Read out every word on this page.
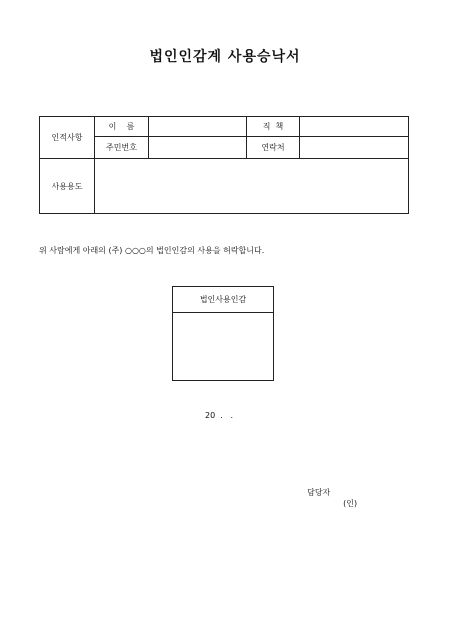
법인인감계 사용승낙서
인적사항	이    름		직  책	
	주민번호		연락처	
사용용도				
위 사람에게 아래의 (주) ○○○의 법인인감의 사용을 허락합니다.
법인사용인감
20  .   .

담당자
(인)
